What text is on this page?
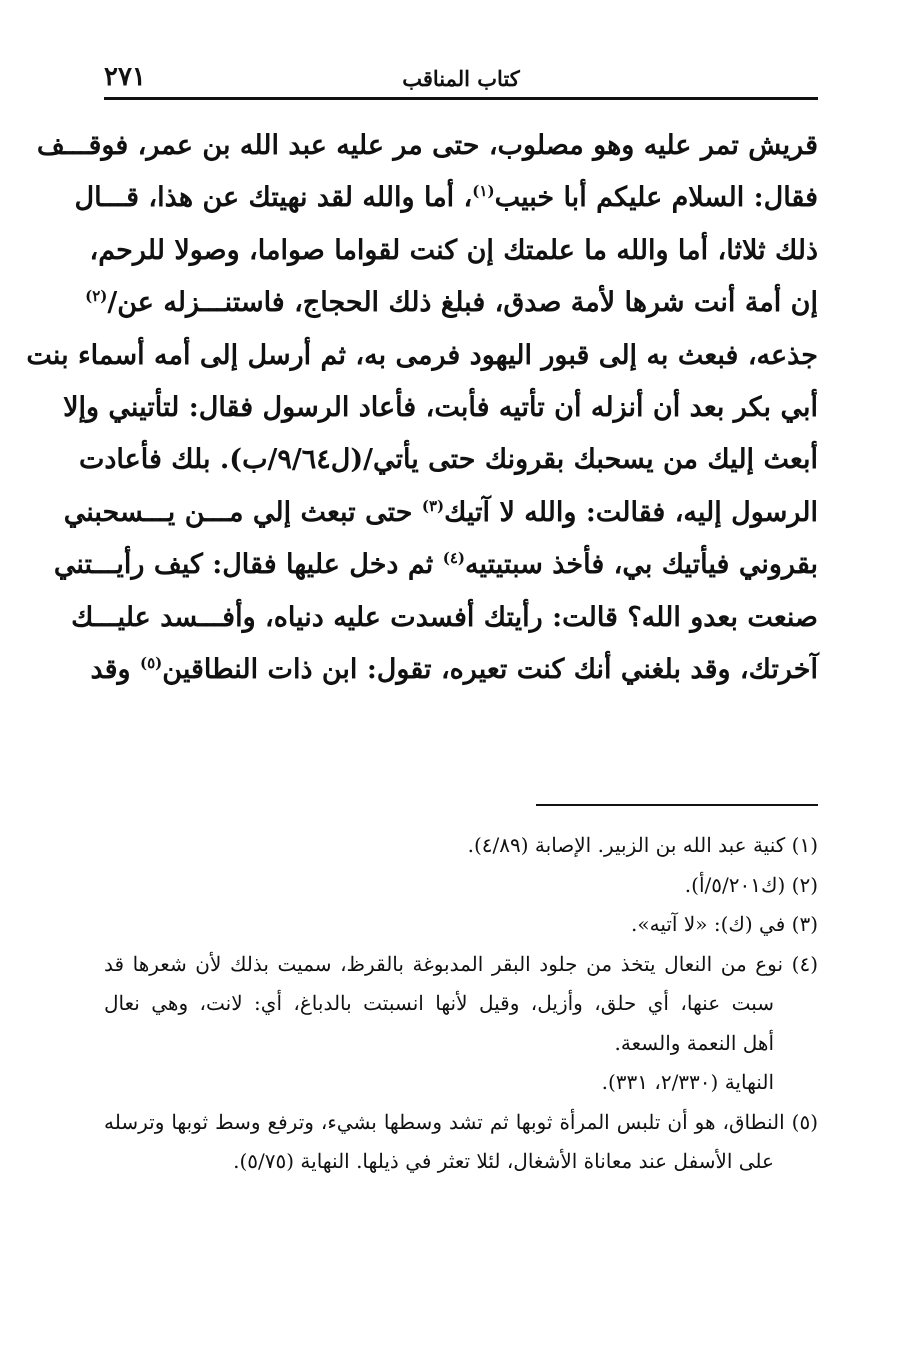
كتاب المناقب
٢٧١
قريش تمر عليه وهو مصلوب، حتى مر عليه عبد الله بن عمر، فوقـــف
فقال: السلام عليكم أبا خبيب$^{(١)}$، أما والله لقد نهيتك عن هذا، قـــال
ذلك ثلاثا، أما والله ما علمتك إن كنت لقواما صواما، وصولا للرحم،
إن أمة أنت شرها لأمة صدق، فبلغ ذلك الحجاج، فاستنـــزله عن/$^{(٢)}$
جذعه، فبعث به إلى قبور اليهود فرمى به، ثم أرسل إلى أمه أسماء بنت
أبي بكر بعد أن أنزله أن تأتيه فأبت، فأعاد الرسول فقال: لتأتيني وإلا
أبعث إليك من يسحبك بقرونك حتى يأتي/(ل٩/٦٤/ب). بلك فأعادت
الرسول إليه، فقالت: والله لا آتيك$^{(٣)}$ حتى تبعث إلي مـــن يـــسحبني
بقروني فيأتيك بي، فأخذ سبتيتيه$^{(٤)}$ ثم دخل عليها فقال: كيف رأيـــتني
صنعت بعدو الله؟ قالت: رأيتك أفسدت عليه دنياه، وأفـــسد عليـــك
آخرتك، وقد بلغني أنك كنت تعيره، تقول: ابن ذات النطاقين$^{(٥)}$ وقد
(١) كنية عبد الله بن الزبير. الإصابة (٤/٨٩).
(٢) (ك٥/٢٠١/أ).
(٣) في (ك): «لا آتيه».
(٤) نوع من النعال يتخذ من جلود البقر المدبوغة بالقرظ، سميت بذلك لأن شعرها قد
سبت عنها، أي حلق، وأزيل، وقيل لأنها انسبتت بالدباغ، أي: لانت، وهي نعال
أهل النعمة والسعة.
النهاية (٢/٣٣٠، ٣٣١).
(٥) النطاق، هو أن تلبس المرأة ثوبها ثم تشد وسطها بشيء، وترفع وسط ثوبها وترسله
على الأسفل عند معاناة الأشغال، لئلا تعثر في ذيلها. النهاية (٥/٧٥).
